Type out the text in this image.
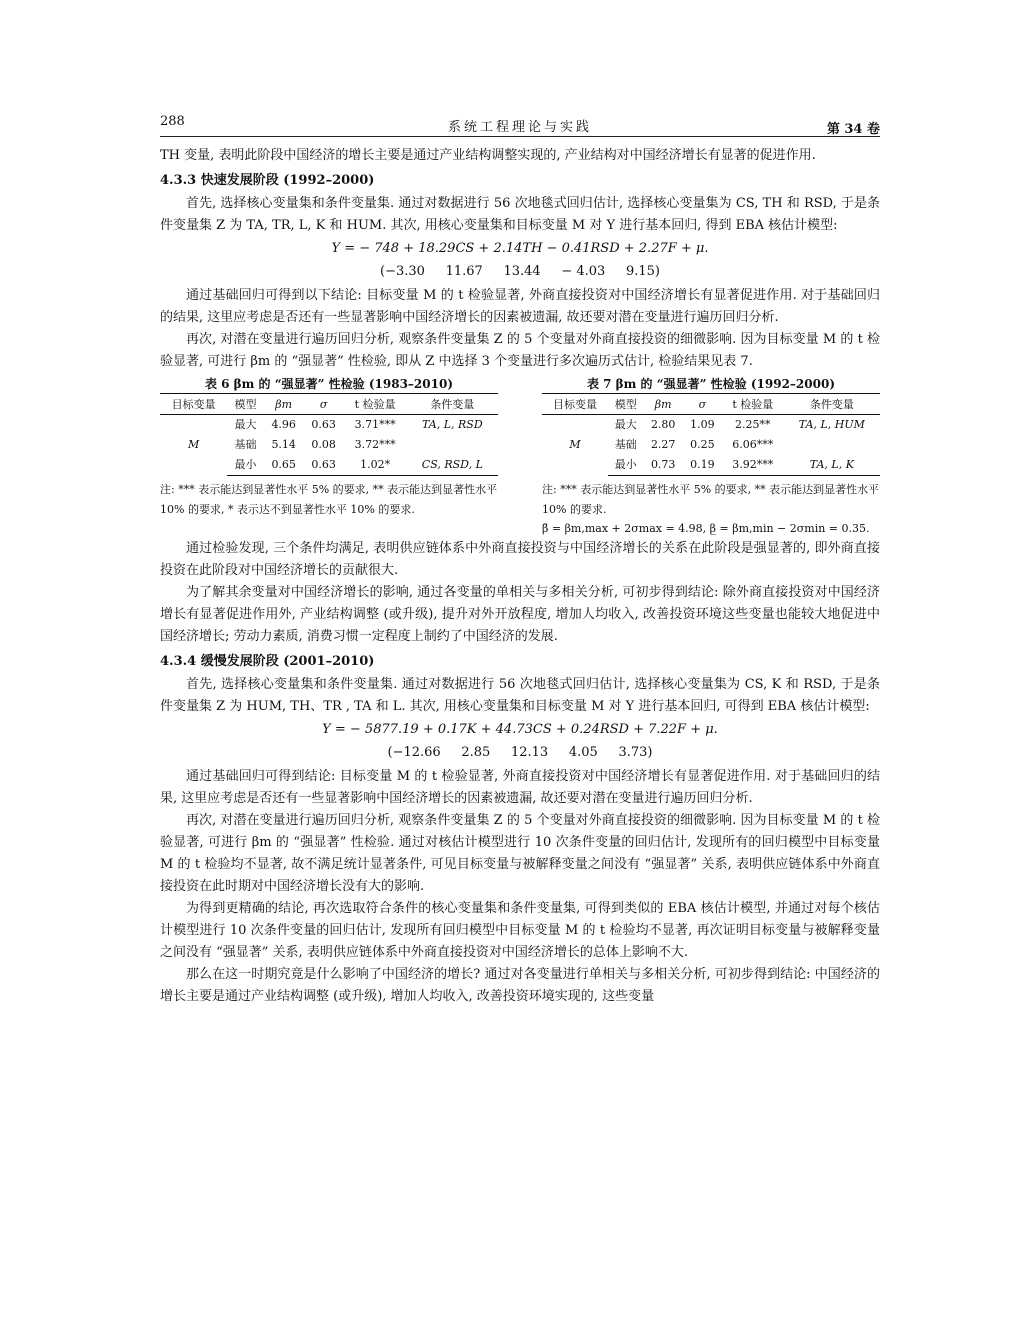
288	系统工程理论与实践	第 34 卷

TH 变量, 表明此阶段中国经济的增长主要是通过产业结构调整实现的, 产业结构对中国经济增长有显著的促进作用.

4.3.3 快速发展阶段 (1992–2000)

首先, 选择核心变量集和条件变量集. 通过对数据进行 56 次地毯式回归估计, 选择核心变量集为 CS, TH 和 RSD, 于是条件变量集 Z 为 TA, TR, L, K 和 HUM. 其次, 用核心变量集和目标变量 M 对 Y 进行基本回归, 得到 EBA 核估计模型:

Y = − 748 + 18.29CS + 2.14TH − 0.41RSD + 2.27F + μ.
(−3.30     11.67     13.44     − 4.03     9.15)

通过基础回归可得到以下结论: 目标变量 M 的 t 检验显著, 外商直接投资对中国经济增长有显著促进作用. 对于基础回归的结果, 这里应考虑是否还有一些显著影响中国经济增长的因素被遗漏, 故还要对潜在变量进行遍历回归分析.

再次, 对潜在变量进行遍历回归分析, 观察条件变量集 Z 的 5 个变量对外商直接投资的细微影响. 因为目标变量 M 的 t 检验显著, 可进行 βm 的 “强显著” 性检验, 即从 Z 中选择 3 个变量进行多次遍历式估计, 检验结果见表 7.

表 6 βm 的 “强显著” 性检验 (1983–2010)
目标变量	模型	βm	σ	t 检验量	条件变量
M	最大	4.96	0.63	3.71***	TA, L, RSD
	基础	5.14	0.08	3.72***	
	最小	0.65	0.63	1.02*	CS, RSD, L
注: *** 表示能达到显著性水平 5% 的要求, ** 表示能达到显著性水平 10% 的要求, * 表示达不到显著性水平 10% 的要求.
表 7 βm 的 “强显著” 性检验 (1992–2000)
目标变量	模型	βm	σ	t 检验量	条件变量
M	最大	2.80	1.09	2.25**	TA, L, HUM
	基础	2.27	0.25	6.06***	
	最小	0.73	0.19	3.92***	TA, L, K
注: *** 表示能达到显著性水平 5% 的要求, ** 表示能达到显著性水平 10% 的要求.
β̄ = βm,max + 2σmax = 4.98, β̲ = βm,min − 2σmin = 0.35.

通过检验发现, 三个条件均满足, 表明供应链体系中外商直接投资与中国经济增长的关系在此阶段是强显著的, 即外商直接投资在此阶段对中国经济增长的贡献很大.

为了解其余变量对中国经济增长的影响, 通过各变量的单相关与多相关分析, 可初步得到结论: 除外商直接投资对中国经济增长有显著促进作用外, 产业结构调整 (或升级), 提升对外开放程度, 增加人均收入, 改善投资环境这些变量也能较大地促进中国经济增长; 劳动力素质, 消费习惯一定程度上制约了中国经济的发展.

4.3.4 缓慢发展阶段 (2001–2010)

首先, 选择核心变量集和条件变量集. 通过对数据进行 56 次地毯式回归估计, 选择核心变量集为 CS, K 和 RSD, 于是条件变量集 Z 为 HUM, TH、TR , TA 和 L. 其次, 用核心变量集和目标变量 M 对 Y 进行基本回归, 可得到 EBA 核估计模型:

Y = − 5877.19 + 0.17K + 44.73CS + 0.24RSD + 7.22F + μ.
(−12.66     2.85     12.13     4.05     3.73)

通过基础回归可得到结论: 目标变量 M 的 t 检验显著, 外商直接投资对中国经济增长有显著促进作用. 对于基础回归的结果, 这里应考虑是否还有一些显著影响中国经济增长的因素被遗漏, 故还要对潜在变量进行遍历回归分析.

再次, 对潜在变量进行遍历回归分析, 观察条件变量集 Z 的 5 个变量对外商直接投资的细微影响. 因为目标变量 M 的 t 检验显著, 可进行 βm 的 “强显著” 性检验. 通过对核估计模型进行 10 次条件变量的回归估计, 发现所有的回归模型中目标变量 M 的 t 检验均不显著, 故不满足统计显著条件, 可见目标变量与被解释变量之间没有 “强显著” 关系, 表明供应链体系中外商直接投资在此时期对中国经济增长没有大的影响.

为得到更精确的结论, 再次选取符合条件的核心变量集和条件变量集, 可得到类似的 EBA 核估计模型, 并通过对每个核估计模型进行 10 次条件变量的回归估计, 发现所有回归模型中目标变量 M 的 t 检验均不显著, 再次证明目标变量与被解释变量之间没有 “强显著” 关系, 表明供应链体系中外商直接投资对中国经济增长的总体上影响不大.

那么在这一时期究竟是什么影响了中国经济的增长? 通过对各变量进行单相关与多相关分析, 可初步得到结论: 中国经济的增长主要是通过产业结构调整 (或升级), 增加人均收入, 改善投资环境实现的, 这些变量
